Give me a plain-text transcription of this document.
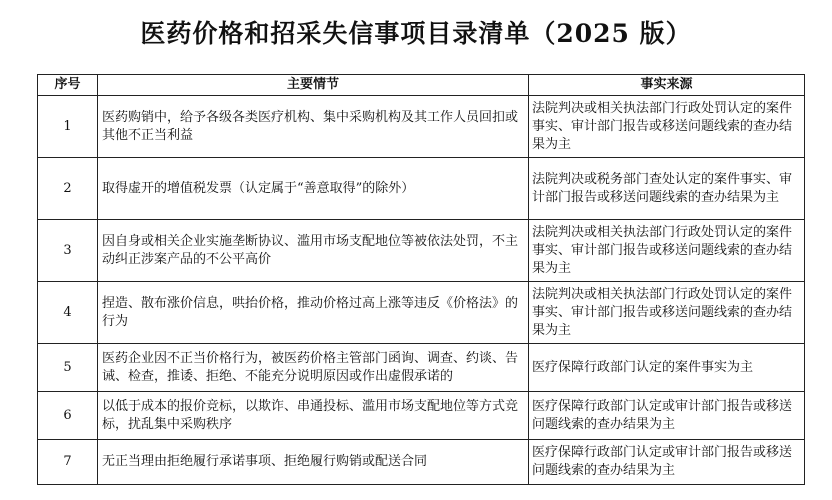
医药价格和招采失信事项目录清单（2025 版）
序号	主要情节	事实来源
1	医药购销中，给予各级各类医疗机构、集中采购机构及其工作人员回扣或其他不正当利益	法院判决或相关执法部门行政处罚认定的案件事实、审计部门报告或移送问题线索的查办结果为主
2	取得虚开的增值税发票（认定属于“善意取得”的除外）	法院判决或税务部门查处认定的案件事实、审计部门报告或移送问题线索的查办结果为主
3	因自身或相关企业实施垄断协议、滥用市场支配地位等被依法处罚，不主动纠正涉案产品的不公平高价	法院判决或相关执法部门行政处罚认定的案件事实、审计部门报告或移送问题线索的查办结果为主
4	捏造、散布涨价信息，哄抬价格，推动价格过高上涨等违反《价格法》的行为	法院判决或相关执法部门行政处罚认定的案件事实、审计部门报告或移送问题线索的查办结果为主
5	医药企业因不正当价格行为，被医药价格主管部门函询、调查、约谈、告诫、检查，推诿、拒绝、不能充分说明原因或作出虚假承诺的	医疗保障行政部门认定的案件事实为主
6	以低于成本的报价竞标，以欺诈、串通投标、滥用市场支配地位等方式竞标，扰乱集中采购秩序	医疗保障行政部门认定或审计部门报告或移送问题线索的查办结果为主
7	无正当理由拒绝履行承诺事项、拒绝履行购销或配送合同	医疗保障行政部门认定或审计部门报告或移送问题线索的查办结果为主
